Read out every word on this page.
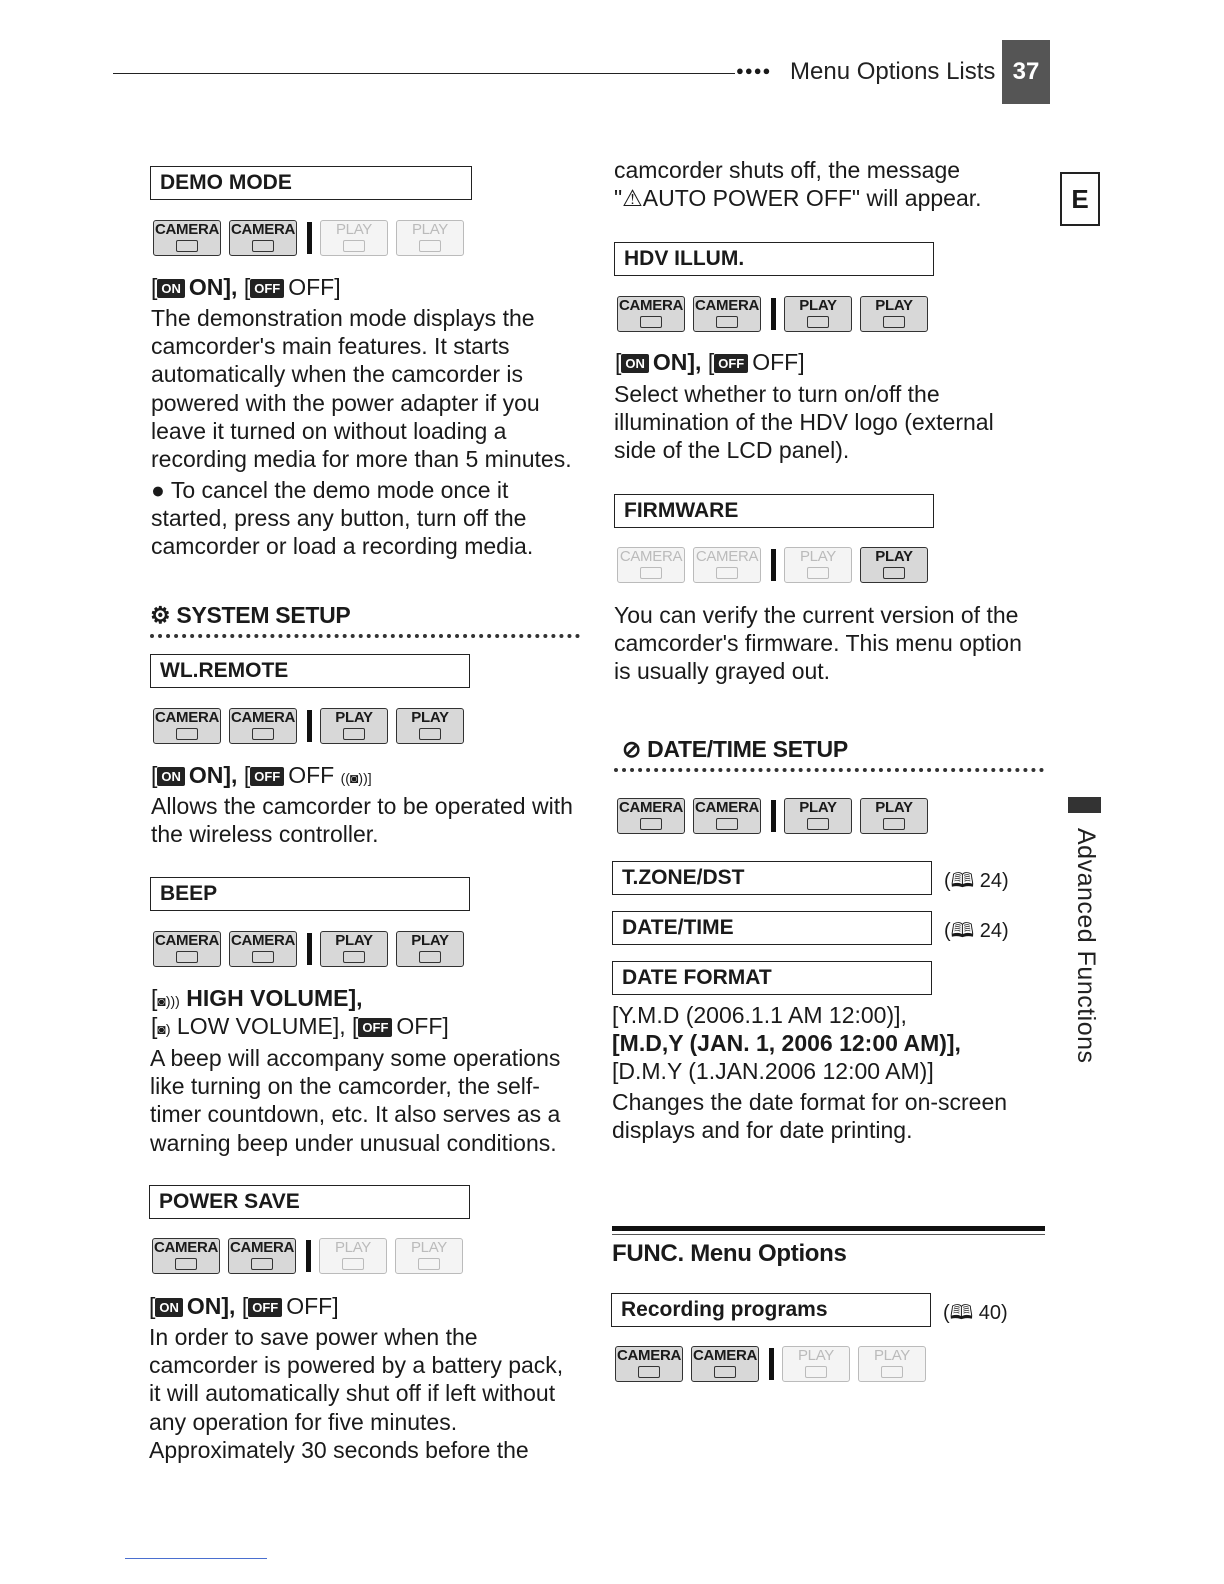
●●●● Menu Options Lists 37
E
Advanced Functions
DEMO MODE
CAMERA CAMERA	PLAY	PLAY
[ ON ON], [ OFF OFF]
The demonstration mode displays the camcorder's main features. It starts automatically when the camcorder is powered with the power adapter if you leave it turned on without loading a recording media for more than 5 minutes.
● To cancel the demo mode once it started, press any button, turn off the camcorder or load a recording media.
⚙ SYSTEM SETUP
WL.REMOTE
CAMERA CAMERA	PLAY	PLAY
[ ON ON], [ OFF OFF ((◙))]
Allows the camcorder to be operated with the wireless controller.
BEEP
CAMERA CAMERA	PLAY	PLAY
[◙))) HIGH VOLUME],
[◙) LOW VOLUME], [ OFF OFF]
A beep will accompany some operations like turning on the camcorder, the self-timer countdown, etc. It also serves as a warning beep under unusual conditions.
POWER SAVE
CAMERA CAMERA	PLAY	PLAY
[ ON ON], [ OFF OFF]
In order to save power when the camcorder is powered by a battery pack, it will automatically shut off if left without any operation for five minutes. Approximately 30 seconds before the
camcorder shuts off, the message "⚠AUTO POWER OFF" will appear.
HDV ILLUM.
CAMERA CAMERA	PLAY	PLAY
[ ON ON], [ OFF OFF]
Select whether to turn on/off the illumination of the HDV logo (external side of the LCD panel).
FIRMWARE
CAMERA CAMERA	PLAY	PLAY
You can verify the current version of the camcorder's firmware. This menu option is usually grayed out.
⊘ DATE/TIME SETUP
CAMERA CAMERA	PLAY	PLAY
T.ZONE/DST	(🕮 24)
DATE/TIME	(🕮 24)
DATE FORMAT
[Y.M.D (2006.1.1 AM 12:00)],
[M.D,Y (JAN. 1, 2006 12:00 AM)],
[D.M.Y (1.JAN.2006 12:00 AM)]
Changes the date format for on-screen displays and for date printing.
FUNC. Menu Options
Recording programs	(🕮 40)
CAMERA CAMERA	PLAY	PLAY
